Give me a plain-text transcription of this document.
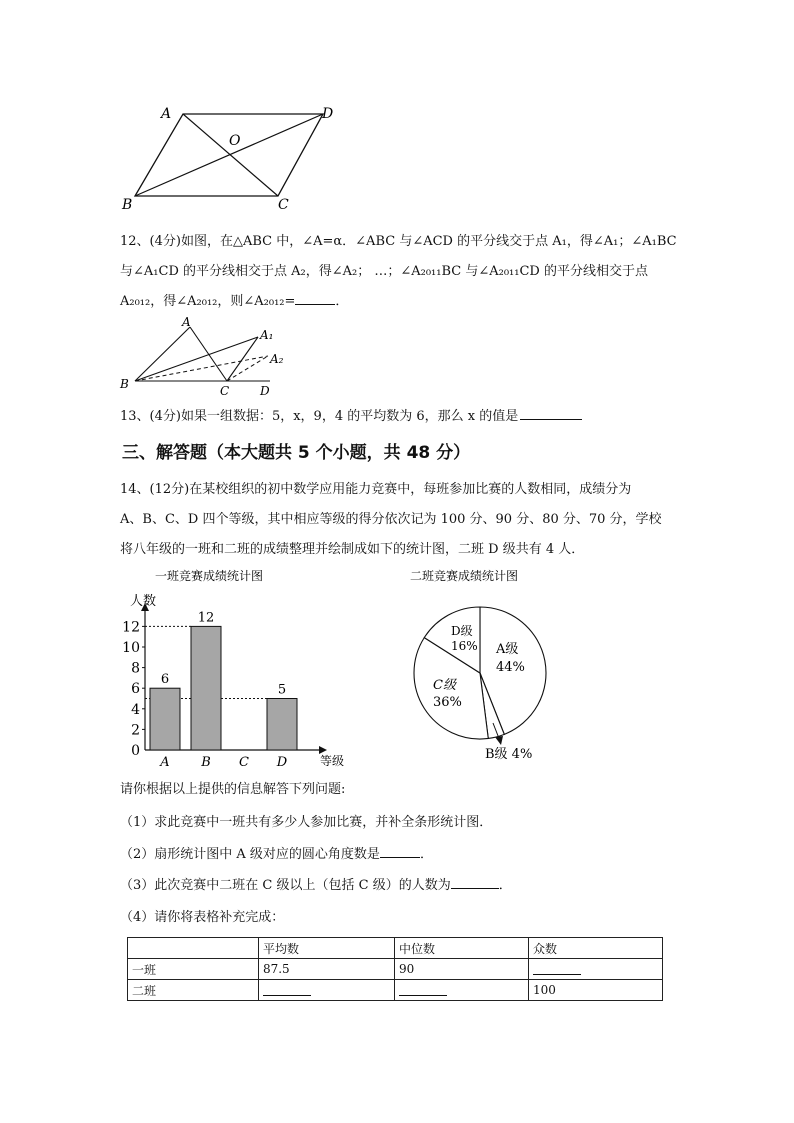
A	D
O
B	C
12、(4分)如图，在△ABC 中，∠A=α．∠ABC 与∠ACD 的平分线交于点 A₁，得∠A₁；∠A₁BC
与∠A₁CD 的平分线相交于点 A₂，得∠A₂； …；∠A₂₀₁₁BC 与∠A₂₀₁₁CD 的平分线相交于点
A₂₀₁₂，得∠A₂₀₁₂，则∠A₂₀₁₂=	．
A
A₁
A₂
B	C	D
13、(4分)如果一组数据：5，x，9，4 的平均数为 6，那么 x 的值是
三、解答题（本大题共 5 个小题，共 48 分）
14、(12分)在某校组织的初中数学应用能力竞赛中，每班参加比赛的人数相同，成绩分为
A、B、C、D 四个等级，其中相应等级的得分依次记为 100 分、90 分、80 分、70 分，学校
将八年级的一班和二班的成绩整理并绘制成如下的统计图，二班 D 级共有 4 人．
一班竞赛成绩统计图
人数
等级
0
2
4
6
8
10
12
6
A
12
B C
5
D
二班竞赛成绩统计图
A级
44%
D级
16%
C级
36%
B级 4%
请你根据以上提供的信息解答下列问题:
（1）求此竞赛中一班共有多少人参加比赛，并补全条形统计图．
（2）扇形统计图中 A 级对应的圆心角度数是	．
（3）此次竞赛中二班在 C 级以上（包括 C 级）的人数为	．
（4）请你将表格补充完成：
	平均数	中位数	众数
一班	87.5	90	
二班			100
